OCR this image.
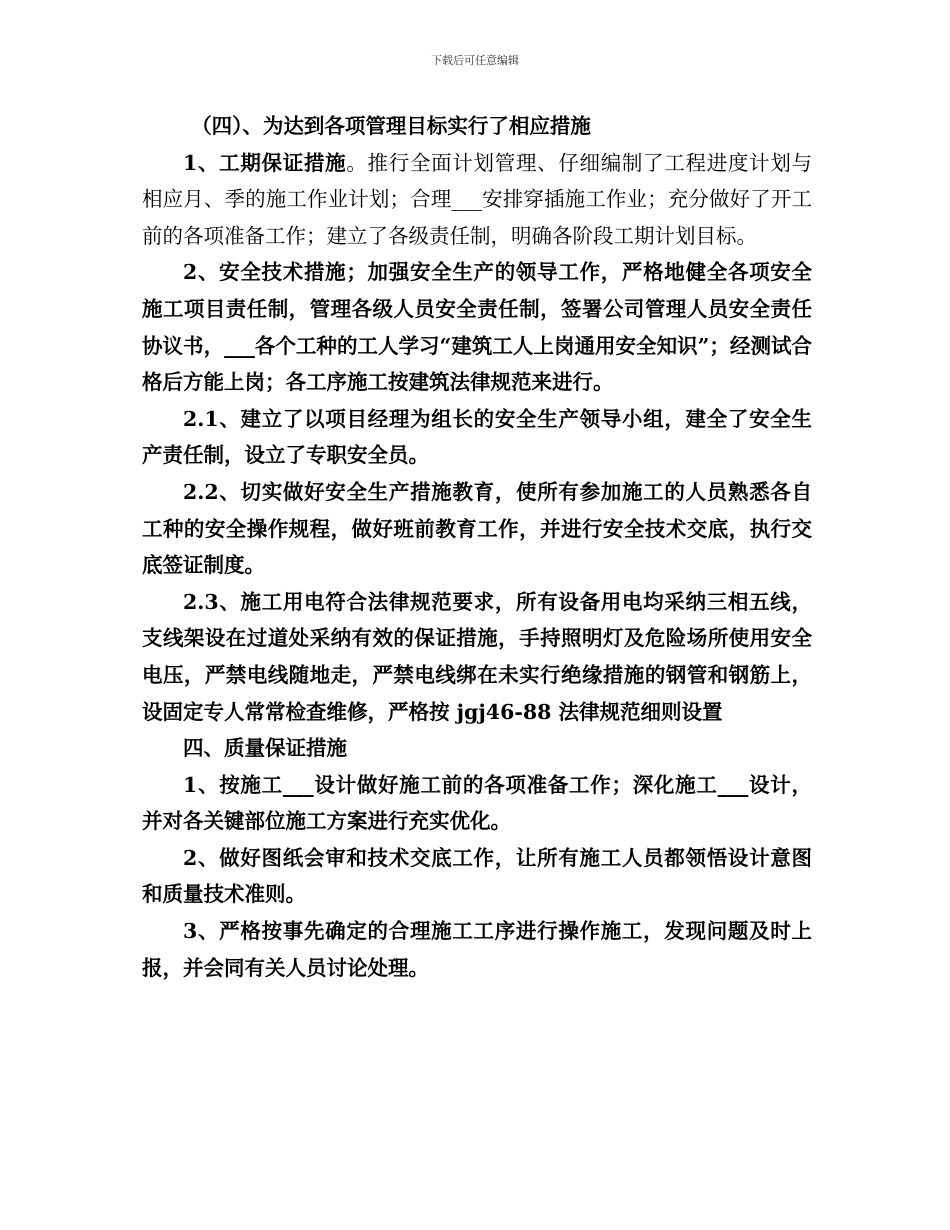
下载后可任意编辑

（四）、为达到各项管理目标实行了相应措施

1、工期保证措施。推行全面计划管理、仔细编制了工程进度计划与相应月、季的施工作业计划；合理___安排穿插施工作业；充分做好了开工前的各项准备工作；建立了各级责任制，明确各阶段工期计划目标。

2、安全技术措施；加强安全生产的领导工作，严格地健全各项安全施工项目责任制，管理各级人员安全责任制，签署公司管理人员安全责任协议书，___各个工种的工人学习“建筑工人上岗通用安全知识”；经测试合格后方能上岗；各工序施工按建筑法律规范来进行。

2.1、建立了以项目经理为组长的安全生产领导小组，建全了安全生产责任制，设立了专职安全员。

2.2、切实做好安全生产措施教育，使所有参加施工的人员熟悉各自工种的安全操作规程，做好班前教育工作，并进行安全技术交底，执行交底签证制度。

2.3、施工用电符合法律规范要求，所有设备用电均采纳三相五线，支线架设在过道处采纳有效的保证措施，手持照明灯及危险场所使用安全电压，严禁电线随地走，严禁电线绑在未实行绝缘措施的钢管和钢筋上，设固定专人常常检查维修，严格按 jgj46-88 法律规范细则设置

四、质量保证措施

1、按施工___设计做好施工前的各项准备工作；深化施工___设计，并对各关键部位施工方案进行充实优化。

2、做好图纸会审和技术交底工作，让所有施工人员都领悟设计意图和质量技术准则。

3、严格按事先确定的合理施工工序进行操作施工，发现问题及时上报，并会同有关人员讨论处理。
